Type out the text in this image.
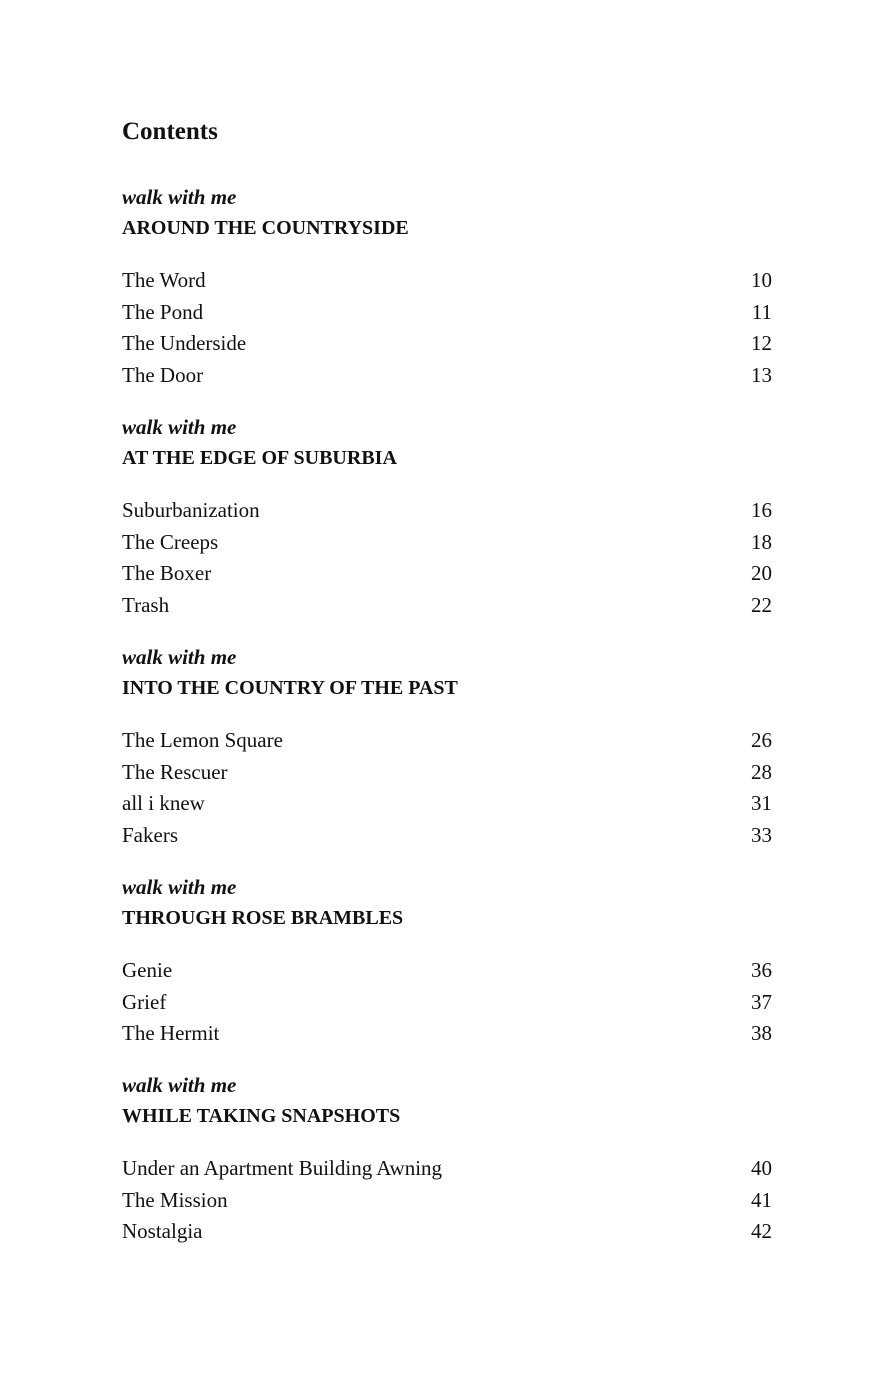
Contents
walk with me
AROUND THE COUNTRYSIDE
The Word	10
The Pond	11
The Underside	12
The Door	13
walk with me
AT THE EDGE OF SUBURBIA
Suburbanization	16
The Creeps	18
The Boxer	20
Trash	22
walk with me
INTO THE COUNTRY OF THE PAST
The Lemon Square	26
The Rescuer	28
all i knew	31
Fakers	33
walk with me
THROUGH ROSE BRAMBLES
Genie	36
Grief	37
The Hermit	38
walk with me
WHILE TAKING SNAPSHOTS
Under an Apartment Building Awning	40
The Mission	41
Nostalgia	42
